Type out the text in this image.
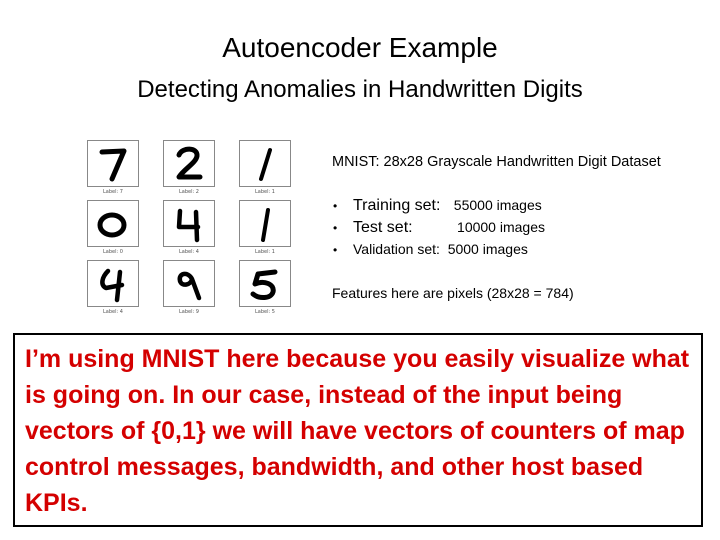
Autoencoder Example
Detecting Anomalies in Handwritten Digits
Label: 7	Label: 2	Label: 1
Label: 0	Label: 4	Label: 1
Label: 4	Label: 9	Label: 5
MNIST: 28x28 Grayscale Handwritten Digit Dataset
• Training set: 55000 images
• Test set:	10000 images
• Validation set: 5000 images
Features here are pixels (28x28 = 784)
I’m using MNIST here because you easily visualize what is going on. In our case, instead of the input being vectors of {0,1} we will have vectors of counters of map control messages, bandwidth, and other host based KPIs.
